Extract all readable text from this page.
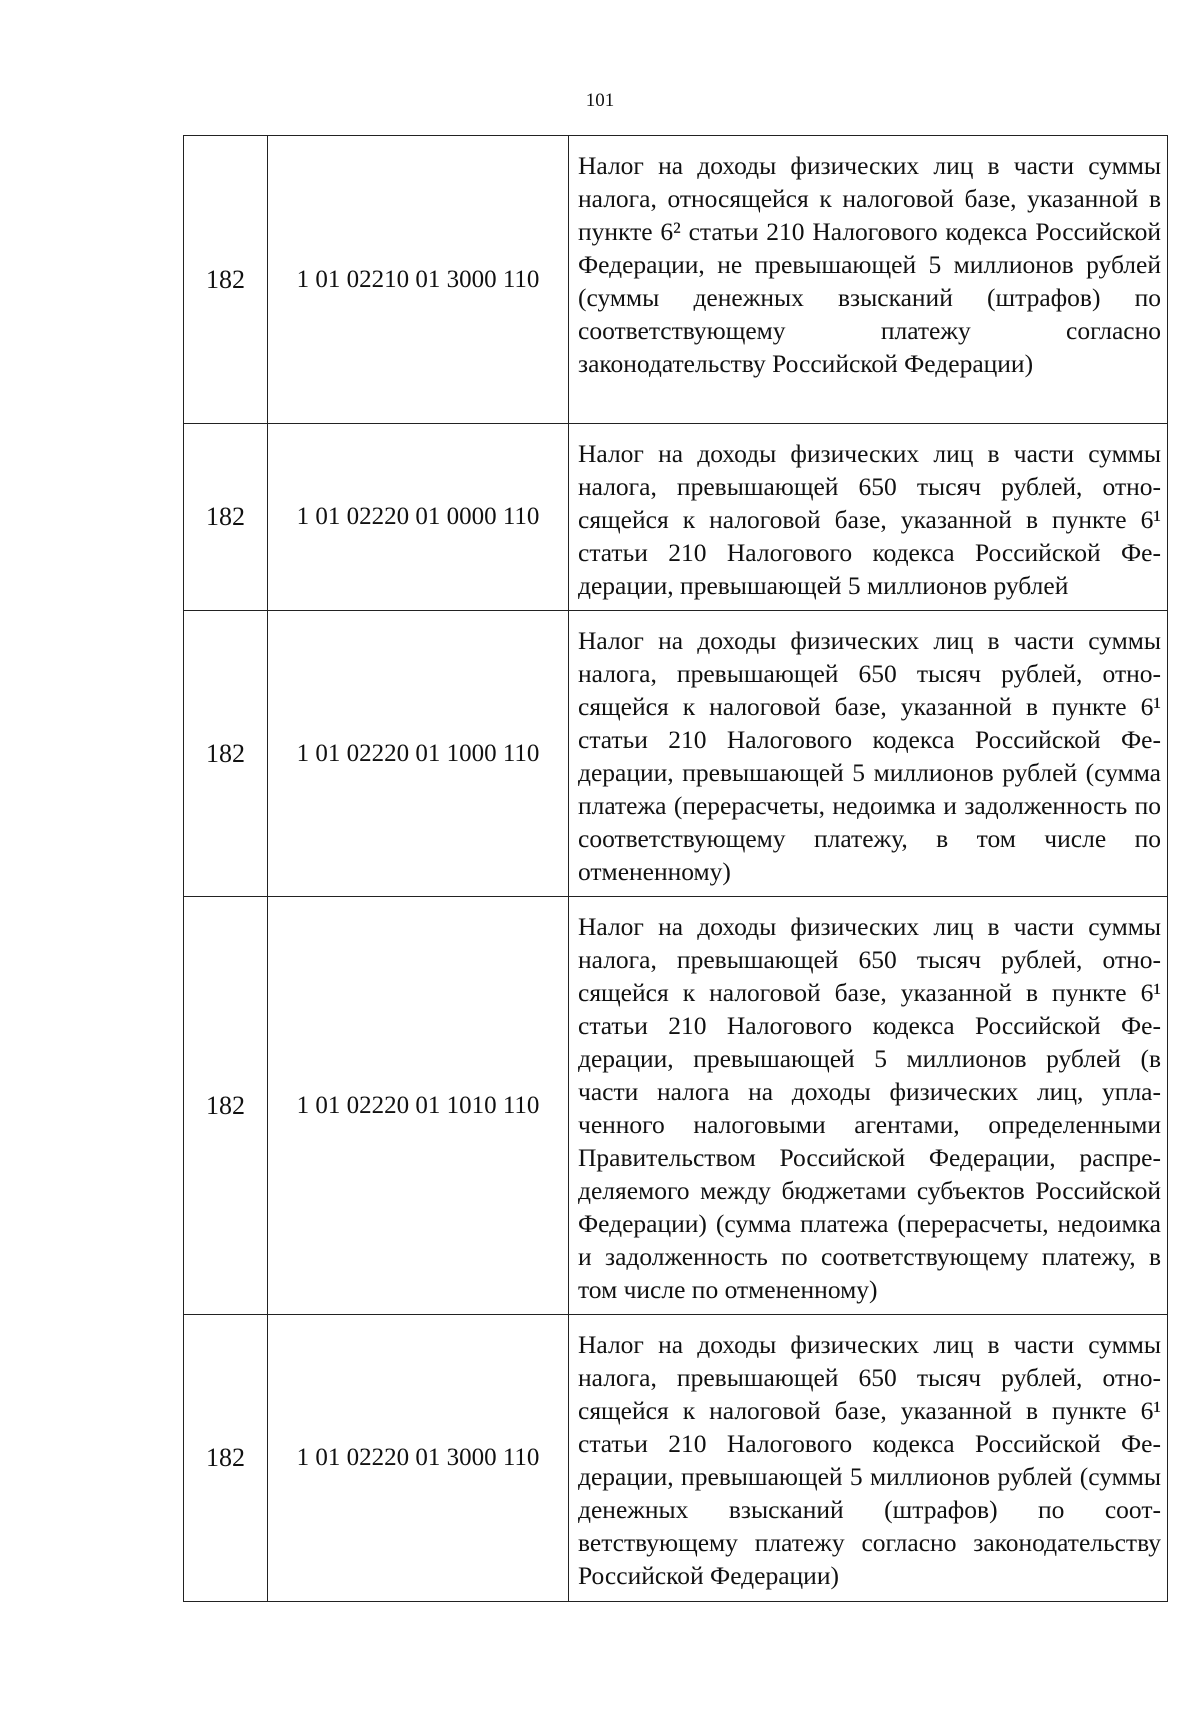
101
182	1 01 02210 01 3000 110	Налог на доходы физических лиц в части суммы налога, относящейся к налоговой базе, указанной в пункте 6² статьи 210 Налогового кодекса Российской Федерации, не превышающей 5 миллионов рублей (суммы денежных взысканий (штрафов) по соответствующему платежу согласно законодательству Российской Федерации)
182	1 01 02220 01 0000 110	Налог на доходы физических лиц в части суммы налога, превышающей 650 тысяч рублей, относящейся к налоговой базе, указанной в пункте 6¹ статьи 210 Налогового кодекса Российской Федерации, превышающей 5 миллионов рублей
182	1 01 02220 01 1000 110	Налог на доходы физических лиц в части суммы налога, превышающей 650 тысяч рублей, относящейся к налоговой базе, указанной в пункте 6¹ статьи 210 Налогового кодекса Российской Федерации, превышающей 5 миллионов рублей (сумма платежа (перерасчеты, недоимка и задолженность по соответствующему платежу, в том числе по отмененному)
182	1 01 02220 01 1010 110	Налог на доходы физических лиц в части суммы налога, превышающей 650 тысяч рублей, относящейся к налоговой базе, указанной в пункте 6¹ статьи 210 Налогового кодекса Российской Федерации, превышающей 5 миллионов рублей (в части налога на доходы физических лиц, уплаченного налоговыми агентами, определенными Правительством Российской Федерации, распределяемого между бюджетами субъектов Российской Федерации) (сумма платежа (перерасчеты, недоимка и задолженность по соответствующему платежу, в том числе по отмененному)
182	1 01 02220 01 3000 110	Налог на доходы физических лиц в части суммы налога, превышающей 650 тысяч рублей, относящейся к налоговой базе, указанной в пункте 6¹ статьи 210 Налогового кодекса Российской Федерации, превышающей 5 миллионов рублей (суммы денежных взысканий (штрафов) по соответствующему платежу согласно законодательству Российской Федерации)
